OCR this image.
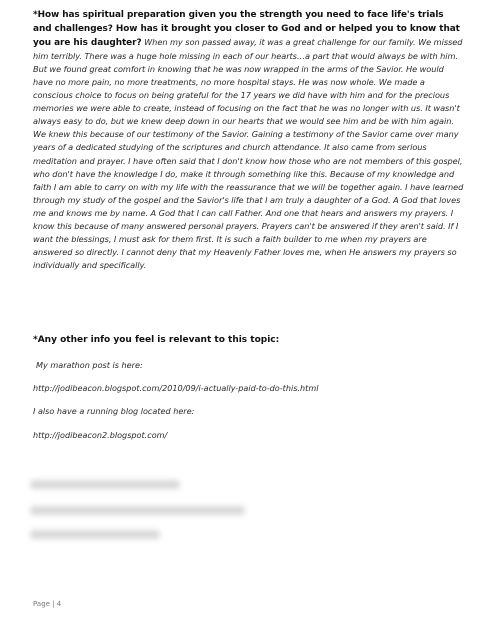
*How has spiritual preparation given you the strength you need to face life's trials and challenges? How has it brought you closer to God and or helped you to know that you are his daughter? When my son passed away, it was a great challenge for our family. We missed him terribly. There was a huge hole missing in each of our hearts…a part that would always be with him. But we found great comfort in knowing that he was now wrapped in the arms of the Savior. He would have no more pain, no more treatments, no more hospital stays. He was now whole. We made a conscious choice to focus on being grateful for the 17 years we did have with him and for the precious memories we were able to create, instead of focusing on the fact that he was no longer with us. It wasn't always easy to do, but we knew deep down in our hearts that we would see him and be with him again. We knew this because of our testimony of the Savior. Gaining a testimony of the Savior came over many years of a dedicated studying of the scriptures and church attendance. It also came from serious meditation and prayer. I have often said that I don't know how those who are not members of this gospel, who don't have the knowledge I do, make it through something like this. Because of my knowledge and faith I am able to carry on with my life with the reassurance that we will be together again. I have learned through my study of the gospel and the Savior's life that I am truly a daughter of a God. A God that loves me and knows me by name. A God that I can call Father. And one that hears and answers my prayers. I know this because of many answered personal prayers. Prayers can't be answered if they aren't said. If I want the blessings, I must ask for them first. It is such a faith builder to me when my prayers are answered so directly. I cannot deny that my Heavenly Father loves me, when He answers my prayers so individually and specifically.
*Any other info you feel is relevant to this topic:
My marathon post is here:
http://jodibeacon.blogspot.com/2010/09/i-actually-paid-to-do-this.html
I also have a running blog located here:
http://jodibeacon2.blogspot.com/
Page | 4
